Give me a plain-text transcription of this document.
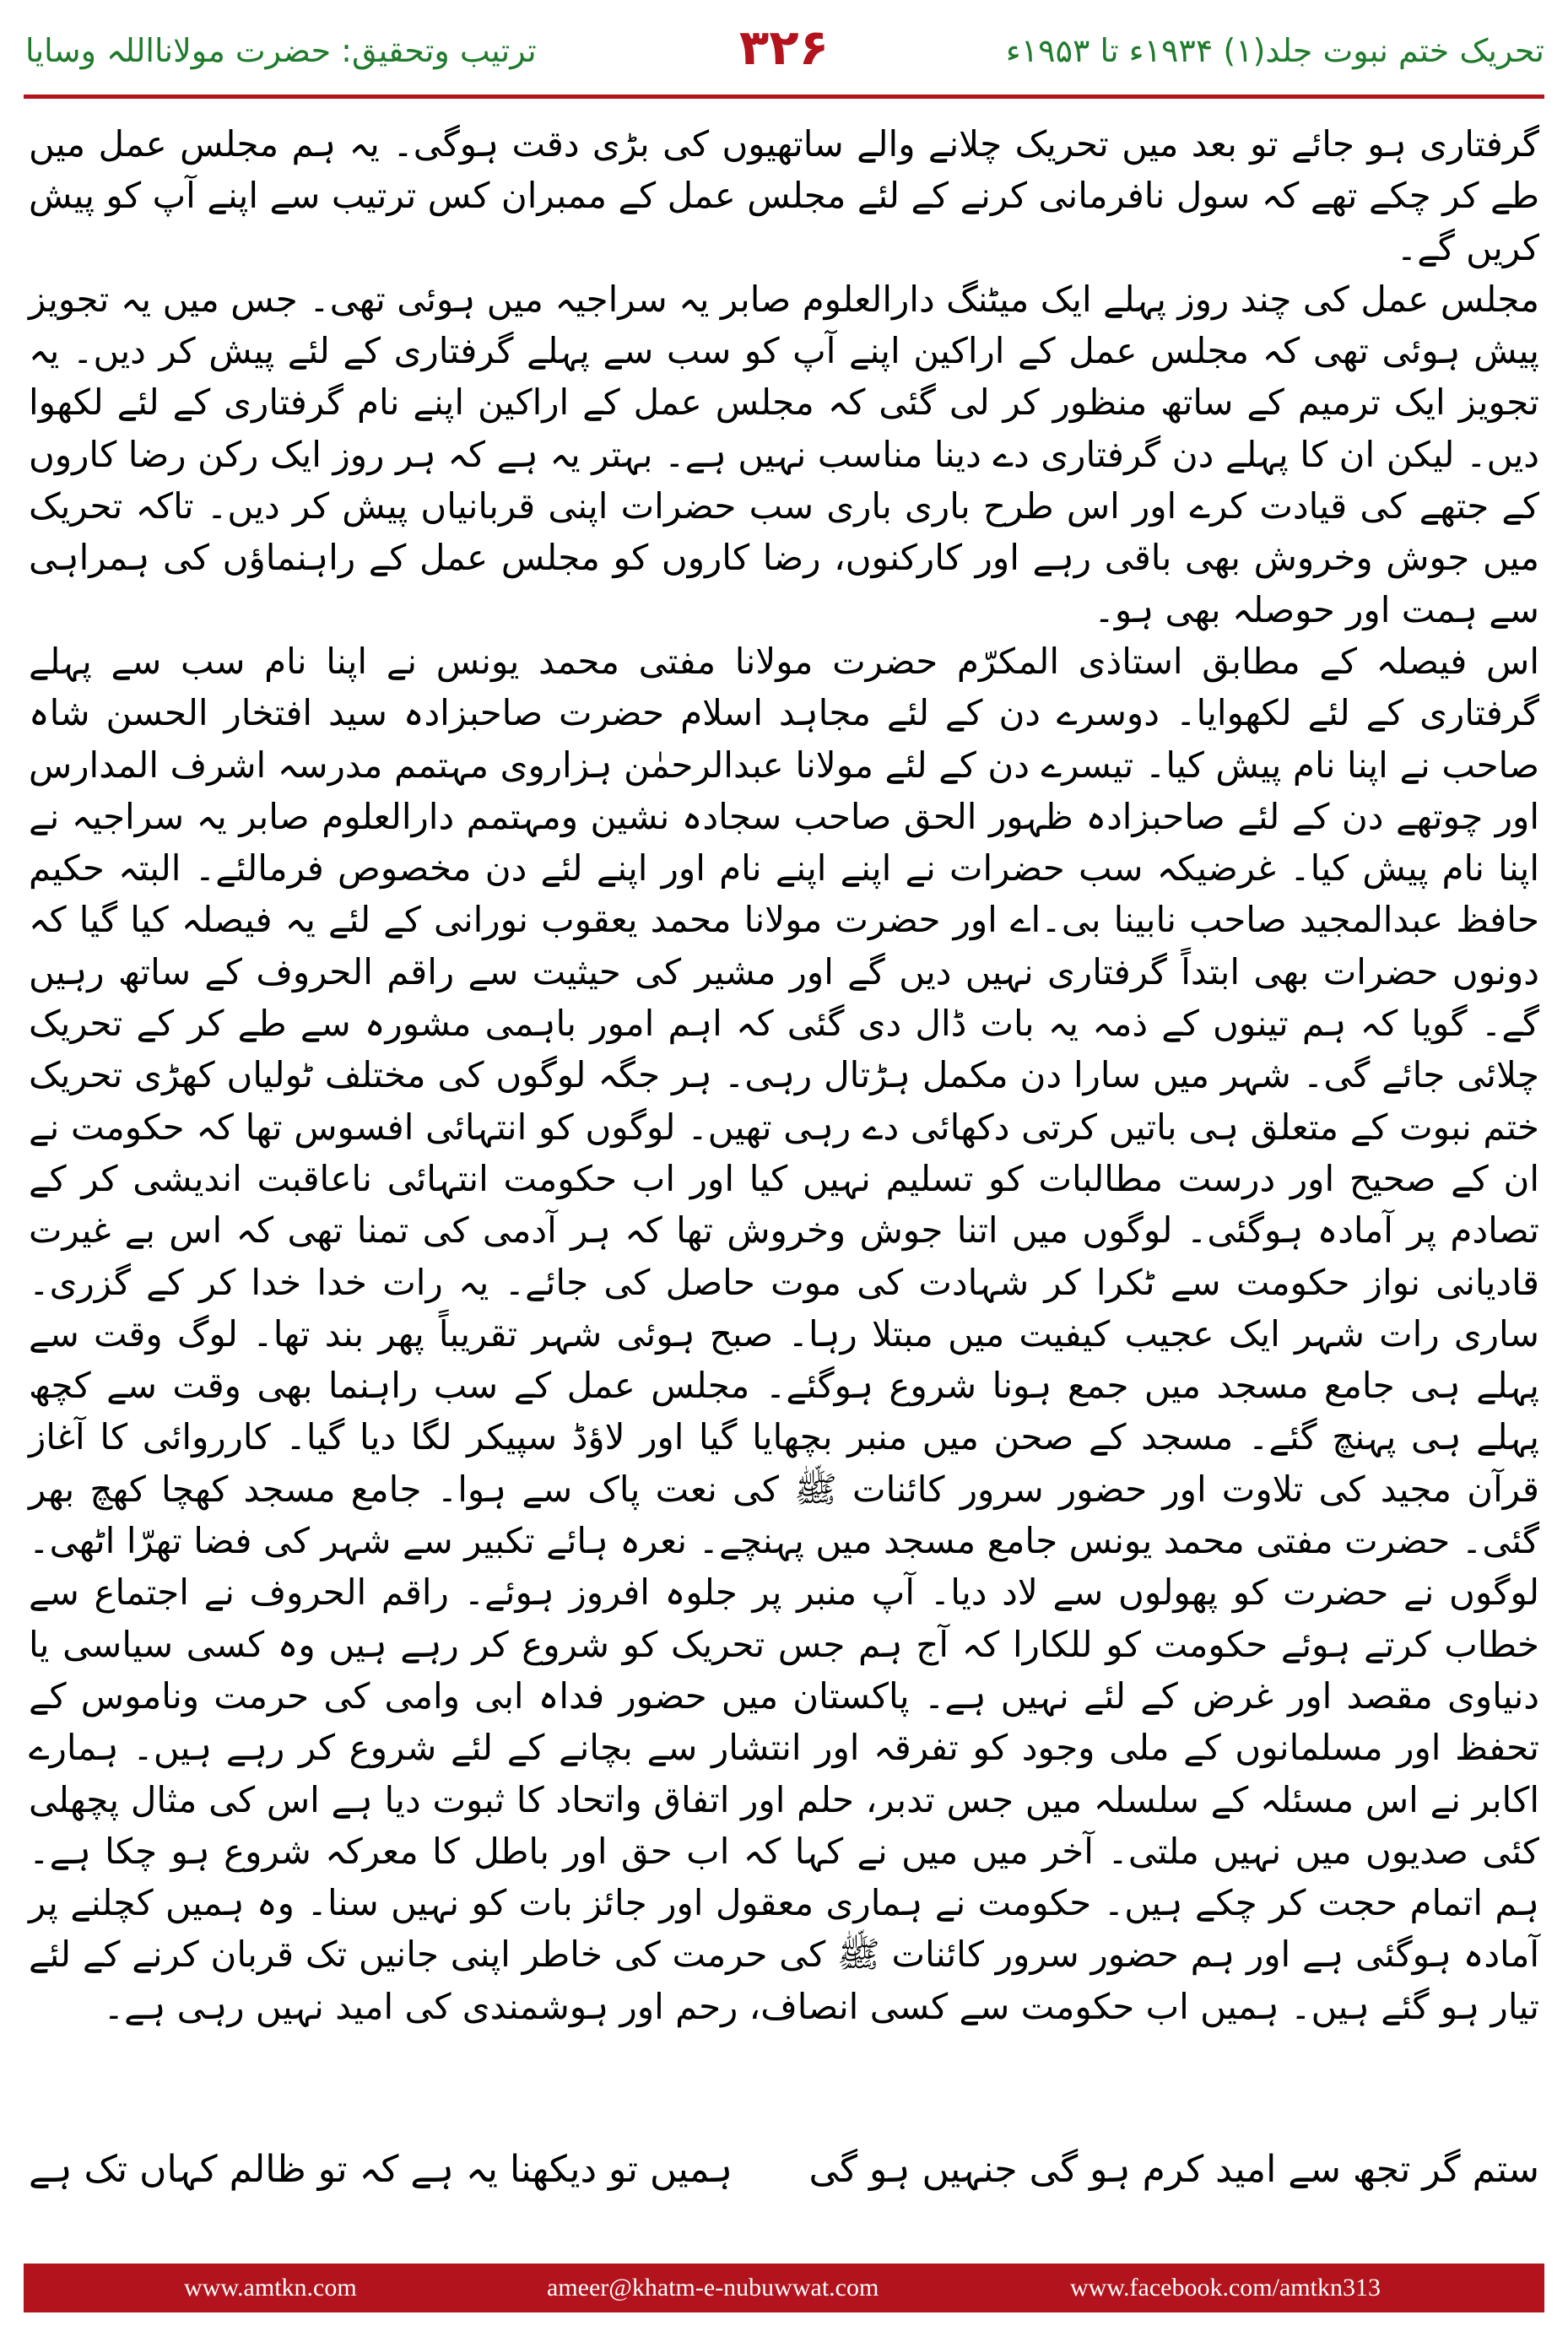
تحریک ختم نبوت جلد(۱) ۱۹۳۴ء تا ۱۹۵۳ء
۳۲۶
ترتیب وتحقیق: حضرت مولانااللہ وسایا

گرفتاری ہو جائے تو بعد میں تحریک چلانے والے ساتھیوں کی بڑی دقت ہوگی۔ یہ ہم مجلس عمل میں طے کر چکے تھے کہ سول نافرمانی کرنے کے لئے مجلس عمل کے ممبران کس ترتیب سے اپنے آپ کو پیش کریں گے۔

مجلس عمل کی چند روز پہلے ایک میٹنگ دارالعلوم صابر یہ سراجیہ میں ہوئی تھی۔ جس میں یہ تجویز پیش ہوئی تھی کہ مجلس عمل کے اراکین اپنے آپ کو سب سے پہلے گرفتاری کے لئے پیش کر دیں۔ یہ تجویز ایک ترمیم کے ساتھ منظور کر لی گئی کہ مجلس عمل کے اراکین اپنے نام گرفتاری کے لئے لکھوا دیں۔ لیکن ان کا پہلے دن گرفتاری دے دینا مناسب نہیں ہے۔ بہتر یہ ہے کہ ہر روز ایک رکن رضا کاروں کے جتھے کی قیادت کرے اور اس طرح باری باری سب حضرات اپنی قربانیاں پیش کر دیں۔ تاکہ تحریک میں جوش وخروش بھی باقی رہے اور کارکنوں، رضا کاروں کو مجلس عمل کے راہنماؤں کی ہمراہی سے ہمت اور حوصلہ بھی ہو۔

اس فیصلہ کے مطابق استاذی المکرّم حضرت مولانا مفتی محمد یونس نے اپنا نام سب سے پہلے گرفتاری کے لئے لکھوایا۔ دوسرے دن کے لئے مجاہد اسلام حضرت صاحبزادہ سید افتخار الحسن شاہ صاحب نے اپنا نام پیش کیا۔ تیسرے دن کے لئے مولانا عبدالرحمٰن ہزاروی مہتمم مدرسہ اشرف المدارس اور چوتھے دن کے لئے صاحبزادہ ظہور الحق صاحب سجادہ نشین ومہتمم دارالعلوم صابر یہ سراجیہ نے اپنا نام پیش کیا۔ غرضیکہ سب حضرات نے اپنے اپنے نام اور اپنے لئے دن مخصوص فرمالئے۔ البتہ حکیم حافظ عبدالمجید صاحب نابینا بی۔اے اور حضرت مولانا محمد یعقوب نورانی کے لئے یہ فیصلہ کیا گیا کہ دونوں حضرات بھی ابتداً گرفتاری نہیں دیں گے اور مشیر کی حیثیت سے راقم الحروف کے ساتھ رہیں گے۔ گویا کہ ہم تینوں کے ذمہ یہ بات ڈال دی گئی کہ اہم امور باہمی مشورہ سے طے کر کے تحریک چلائی جائے گی۔ شہر میں سارا دن مکمل ہڑتال رہی۔ ہر جگہ لوگوں کی مختلف ٹولیاں کھڑی تحریک ختم نبوت کے متعلق ہی باتیں کرتی دکھائی دے رہی تھیں۔ لوگوں کو انتہائی افسوس تھا کہ حکومت نے ان کے صحیح اور درست مطالبات کو تسلیم نہیں کیا اور اب حکومت انتہائی ناعاقبت اندیشی کر کے تصادم پر آمادہ ہوگئی۔ لوگوں میں اتنا جوش وخروش تھا کہ ہر آدمی کی تمنا تھی کہ اس بے غیرت قادیانی نواز حکومت سے ٹکرا کر شہادت کی موت حاصل کی جائے۔ یہ رات خدا خدا کر کے گزری۔ ساری رات شہر ایک عجیب کیفیت میں مبتلا رہا۔ صبح ہوئی شہر تقریباً پھر بند تھا۔ لوگ وقت سے پہلے ہی جامع مسجد میں جمع ہونا شروع ہوگئے۔ مجلس عمل کے سب راہنما بھی وقت سے کچھ پہلے ہی پہنچ گئے۔ مسجد کے صحن میں منبر بچھایا گیا اور لاؤڈ سپیکر لگا دیا گیا۔ کارروائی کا آغاز قرآن مجید کی تلاوت اور حضور سرور کائنات ﷺ کی نعت پاک سے ہوا۔ جامع مسجد کھچا کھچ بھر گئی۔ حضرت مفتی محمد یونس جامع مسجد میں پہنچے۔ نعرہ ہائے تکبیر سے شہر کی فضا تھرّا اٹھی۔ لوگوں نے حضرت کو پھولوں سے لاد دیا۔ آپ منبر پر جلوہ افروز ہوئے۔ راقم الحروف نے اجتماع سے خطاب کرتے ہوئے حکومت کو للکارا کہ آج ہم جس تحریک کو شروع کر رہے ہیں وہ کسی سیاسی یا دنیاوی مقصد اور غرض کے لئے نہیں ہے۔ پاکستان میں حضور فداہ ابی وامی کی حرمت وناموس کے تحفظ اور مسلمانوں کے ملی وجود کو تفرقہ اور انتشار سے بچانے کے لئے شروع کر رہے ہیں۔ ہمارے اکابر نے اس مسئلہ کے سلسلہ میں جس تدبر، حلم اور اتفاق واتحاد کا ثبوت دیا ہے اس کی مثال پچھلی کئی صدیوں میں نہیں ملتی۔ آخر میں میں نے کہا کہ اب حق اور باطل کا معرکہ شروع ہو چکا ہے۔ ہم اتمام حجت کر چکے ہیں۔ حکومت نے ہماری معقول اور جائز بات کو نہیں سنا۔ وہ ہمیں کچلنے پر آمادہ ہوگئی ہے اور ہم حضور سرور کائنات ﷺ کی حرمت کی خاطر اپنی جانیں تک قربان کرنے کے لئے تیار ہو گئے ہیں۔ ہمیں اب حکومت سے کسی انصاف، رحم اور ہوشمندی کی امید نہیں رہی ہے۔

ستم گر تجھ سے امید کرم ہو گی جنہیں ہو گی
ہمیں تو دیکھنا یہ ہے کہ تو ظالم کہاں تک ہے
www.amtkn.com	ameer@khatm-e-nubuwwat.com	www.facebook.com/amtkn313
